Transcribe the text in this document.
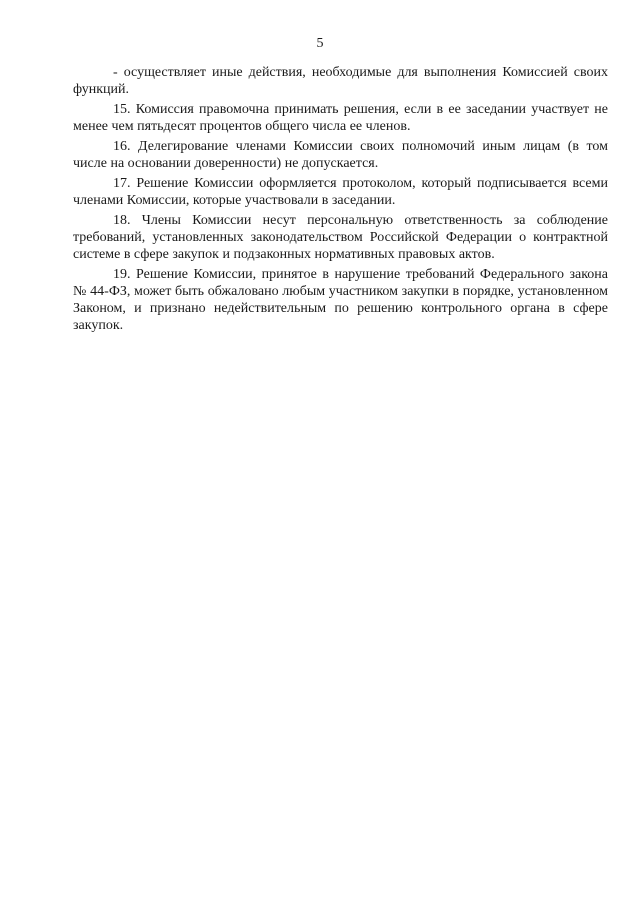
5

- осуществляет иные действия, необходимые для выполнения Комиссией своих функций.

15. Комиссия правомочна принимать решения, если в ее заседании участвует не менее чем пятьдесят процентов общего числа ее членов.

16. Делегирование членами Комиссии своих полномочий иным лицам (в том числе на основании доверенности) не допускается.

17. Решение Комиссии оформляется протоколом, который подписывается всеми членами Комиссии, которые участвовали в заседании.

18. Члены Комиссии несут персональную ответственность за соблюдение требований, установленных законодательством Российской Федерации о контрактной системе в сфере закупок и подзаконных нормативных правовых актов.

19. Решение Комиссии, принятое в нарушение требований Федерального закона № 44-ФЗ, может быть обжаловано любым участником закупки в порядке, установленном Законом, и признано недействительным по решению контрольного органа в сфере закупок.
